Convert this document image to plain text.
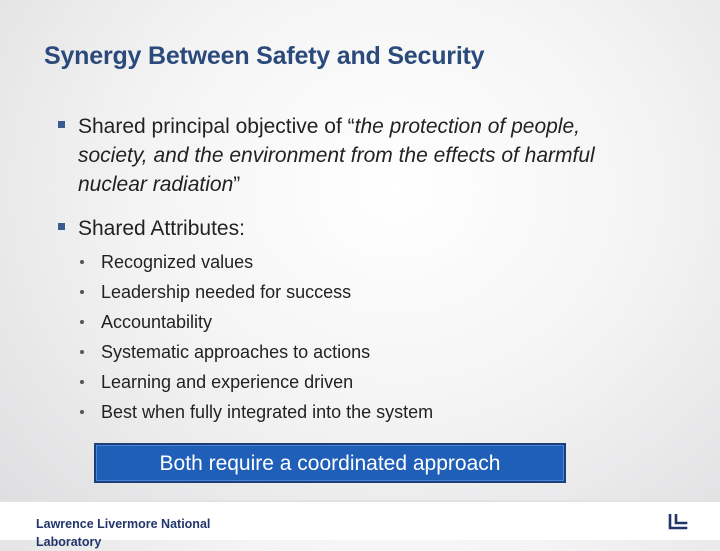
Synergy Between Safety and Security
Shared principal objective of “the protection of people, society, and the environment from the effects of harmful nuclear radiation”
Shared Attributes:
Recognized values
Leadership needed for success
Accountability
Systematic approaches to actions
Learning and experience driven
Best when fully integrated into the system
Both require a coordinated approach
Lawrence Livermore National Laboratory
